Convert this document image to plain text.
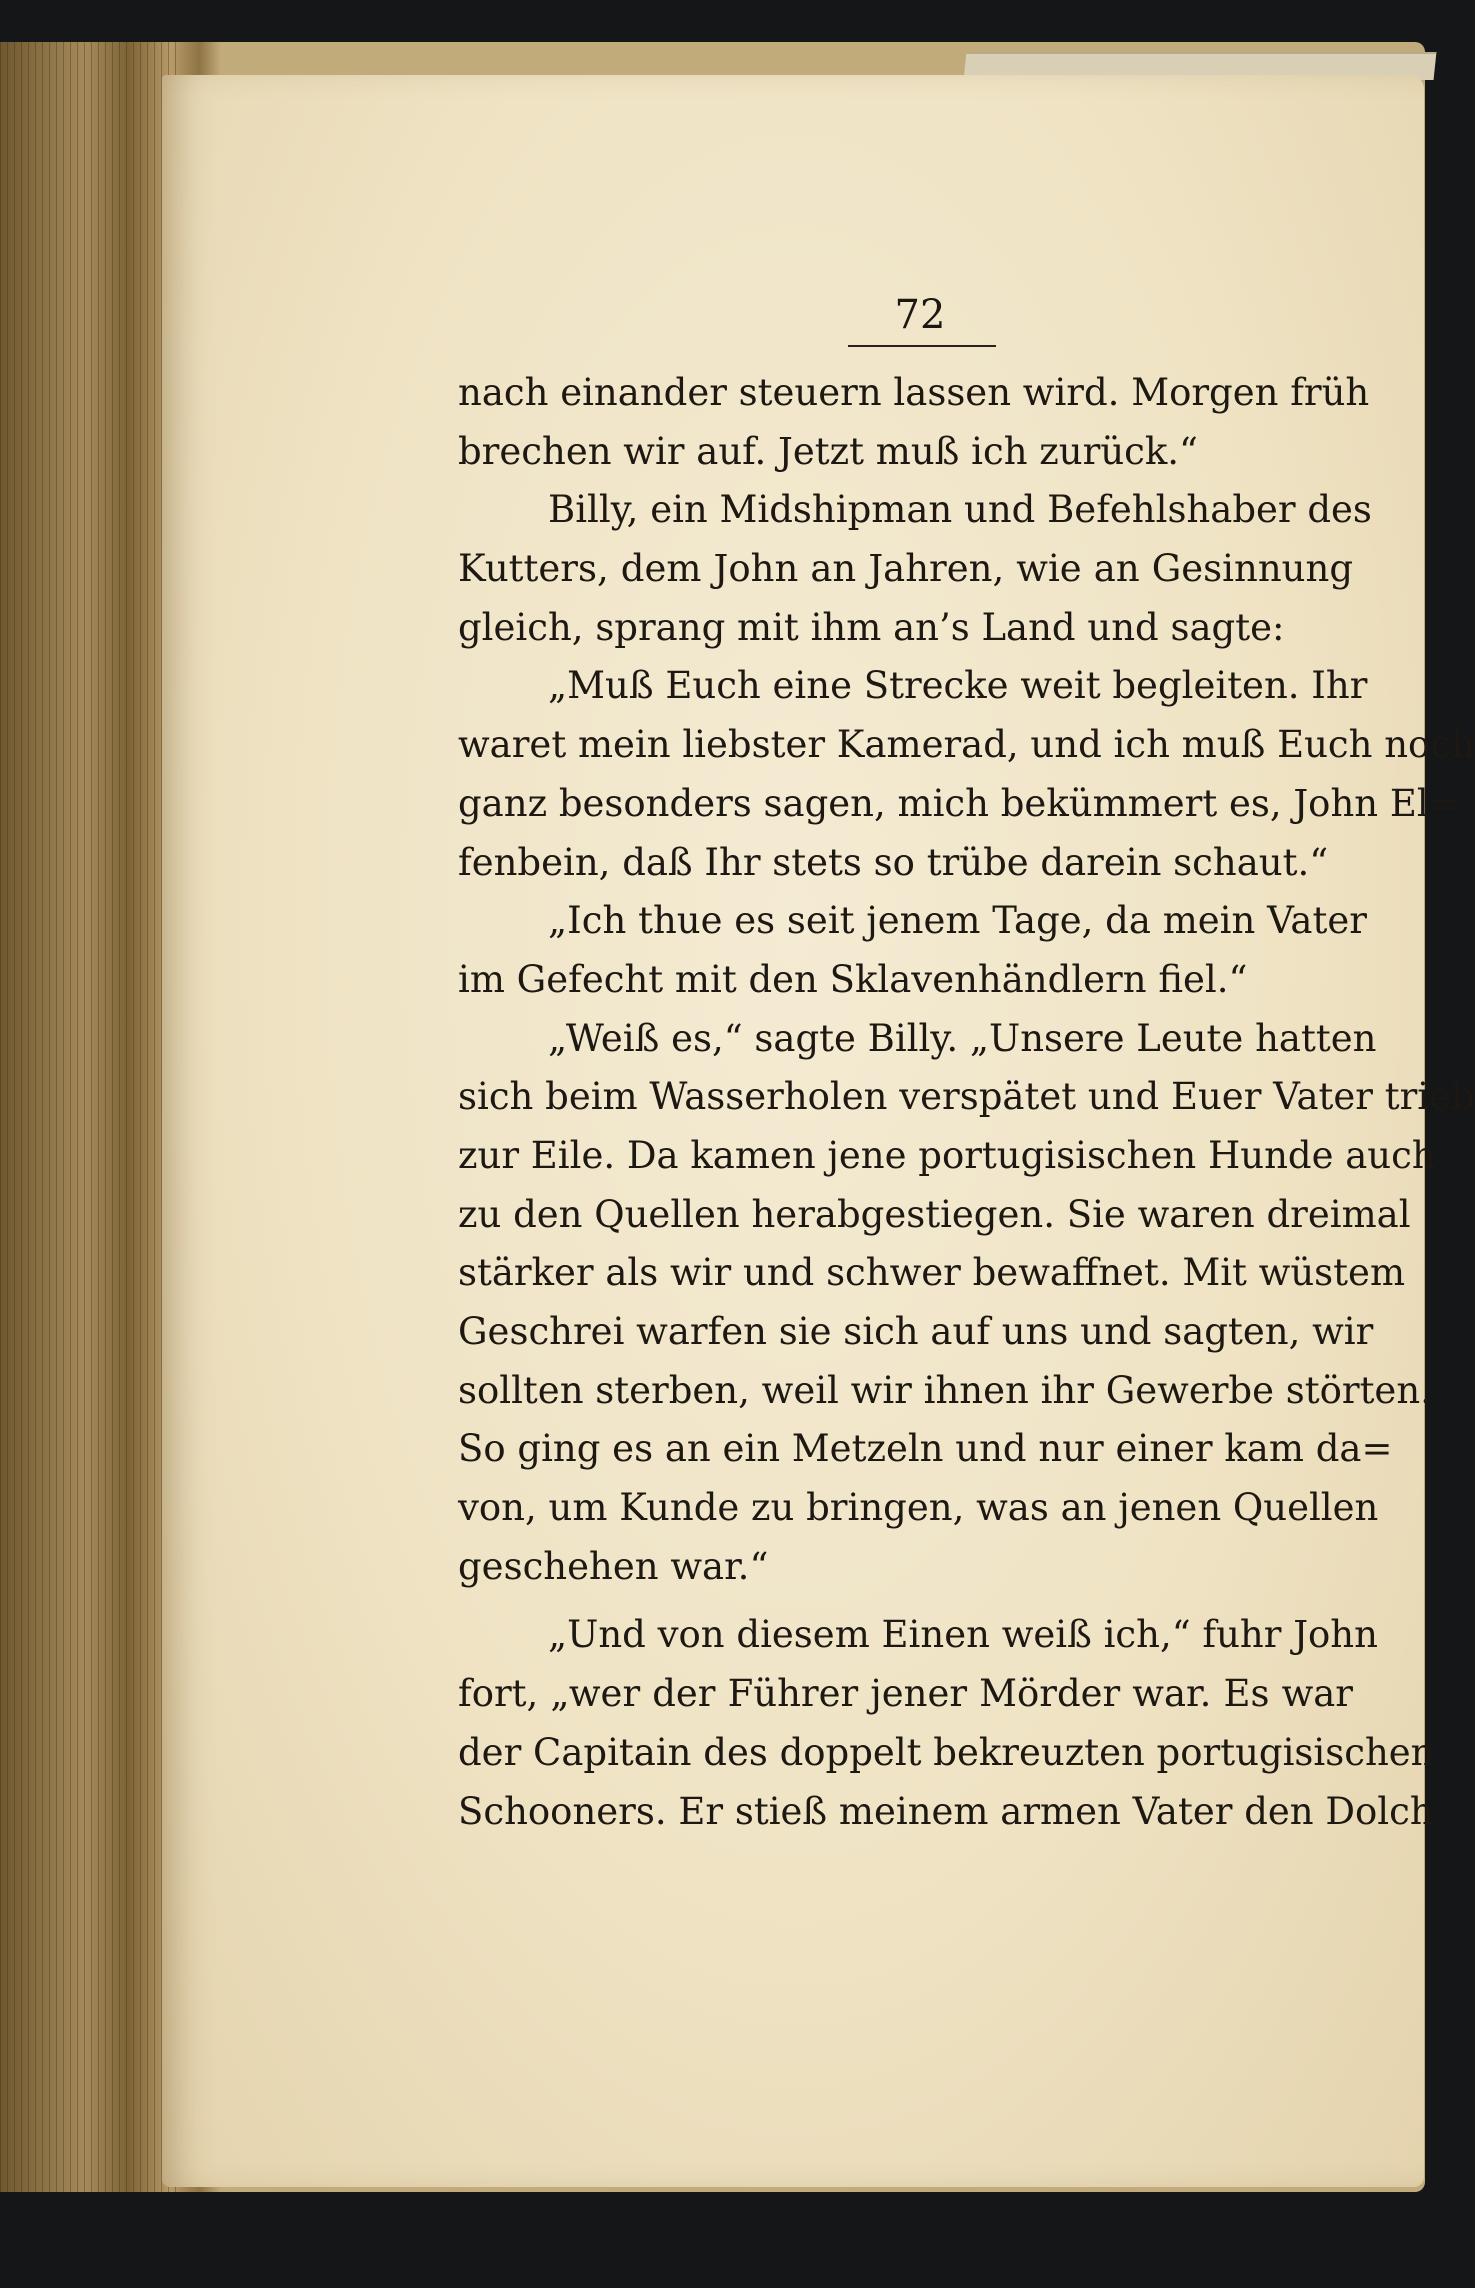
72
nach einander steuern lassen wird. Morgen früh
brechen wir auf. Jetzt muß ich zurück.“
Billy, ein Midshipman und Befehlshaber des
Kutters, dem John an Jahren, wie an Gesinnung
gleich, sprang mit ihm an’s Land und sagte:
„Muß Euch eine Strecke weit begleiten. Ihr
waret mein liebster Kamerad, und ich muß Euch noch
ganz besonders sagen, mich bekümmert es, John El=
fenbein, daß Ihr stets so trübe darein schaut.“
„Ich thue es seit jenem Tage, da mein Vater
im Gefecht mit den Sklavenhändlern fiel.“
„Weiß es,“ sagte Billy. „Unsere Leute hatten
sich beim Wasserholen verspätet und Euer Vater trieb
zur Eile. Da kamen jene portugisischen Hunde auch
zu den Quellen herabgestiegen. Sie waren dreimal
stärker als wir und schwer bewaffnet. Mit wüstem
Geschrei warfen sie sich auf uns und sagten, wir
sollten sterben, weil wir ihnen ihr Gewerbe störten.
So ging es an ein Metzeln und nur einer kam da=
von, um Kunde zu bringen, was an jenen Quellen
geschehen war.“
„Und von diesem Einen weiß ich,“ fuhr John
fort, „wer der Führer jener Mörder war. Es war
der Capitain des doppelt bekreuzten portugisischen
Schooners. Er stieß meinem armen Vater den Dolch
